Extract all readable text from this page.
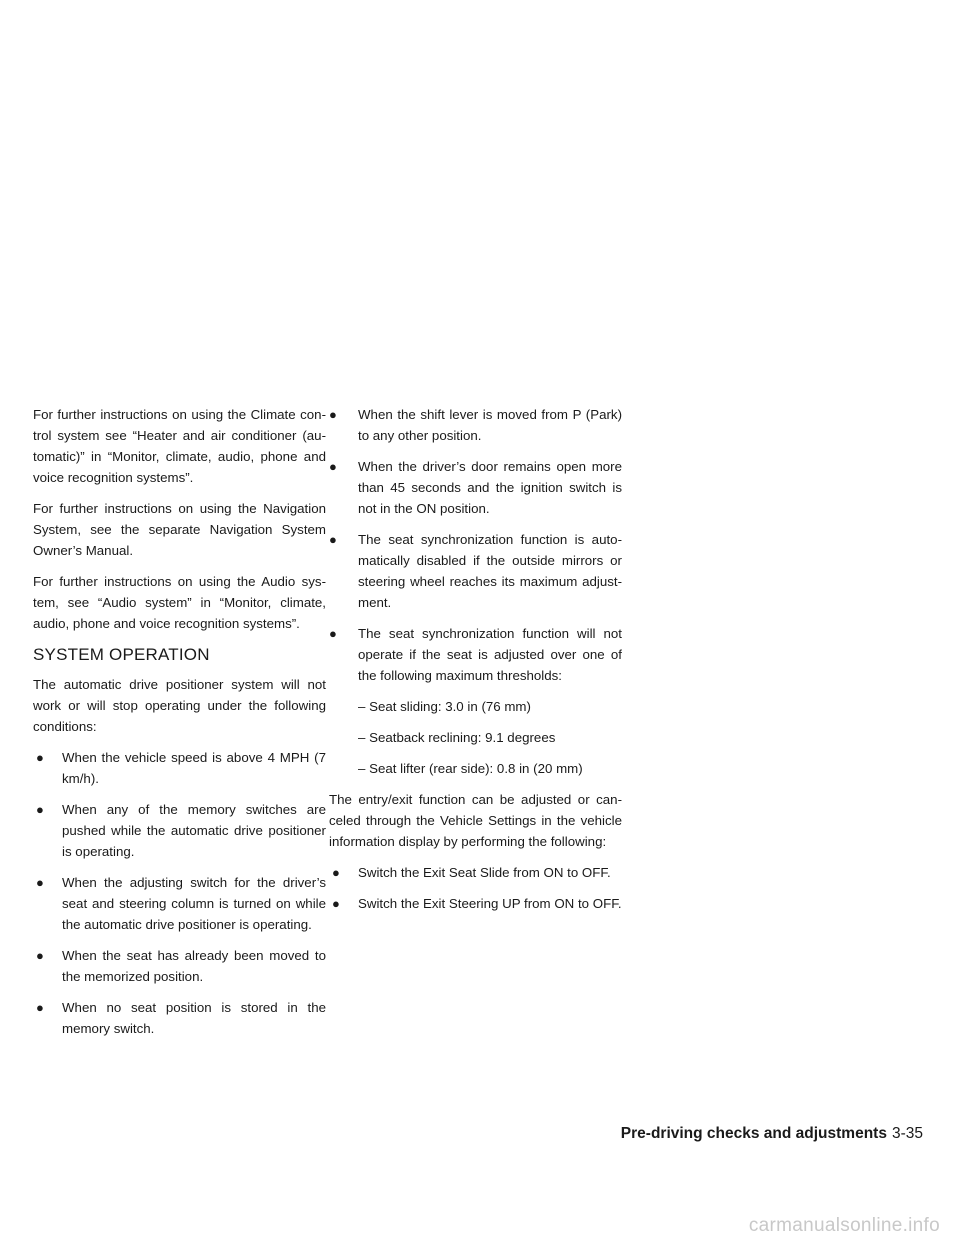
For further instructions on using the Climate control system see “Heater and air conditioner (automatic)” in “Monitor, climate, audio, phone and voice recognition systems”.

For further instructions on using the Navigation System, see the separate Navigation System Owner’s Manual.

For further instructions on using the Audio system, see “Audio system” in “Monitor, climate, audio, phone and voice recognition systems”.

SYSTEM OPERATION

The automatic drive positioner system will not work or will stop operating under the following conditions:

●	When the vehicle speed is above 4 MPH (7 km/h).
●	When any of the memory switches are pushed while the automatic drive positioner is operating.
●	When the adjusting switch for the driver’s seat and steering column is turned on while the automatic drive positioner is operating.
●	When the seat has already been moved to the memorized position.
●	When no seat position is stored in the memory switch.
●	When the shift lever is moved from P (Park) to any other position.
●	When the driver’s door remains open more than 45 seconds and the ignition switch is not in the ON position.
●	The seat synchronization function is automatically disabled if the outside mirrors or steering wheel reaches its maximum adjustment.
●	The seat synchronization function will not operate if the seat is adjusted over one of the following maximum thresholds:
– Seat sliding: 3.0 in (76 mm)
– Seatback reclining: 9.1 degrees
– Seat lifter (rear side): 0.8 in (20 mm)

The entry/exit function can be adjusted or canceled through the Vehicle Settings in the vehicle information display by performing the following:

●	Switch the Exit Seat Slide from ON to OFF.
●	Switch the Exit Steering UP from ON to OFF.
Pre-driving checks and adjustments 3-35
carmanualsonline.info
